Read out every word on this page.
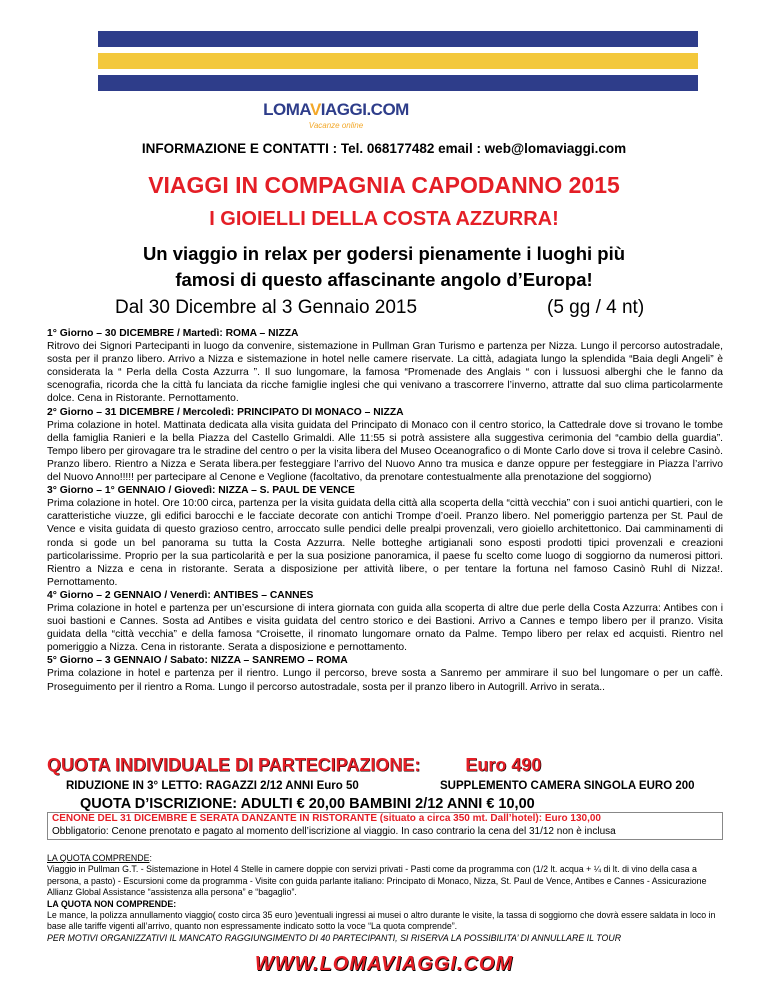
LOMAVIAGGI.COM
Vacanze online
INFORMAZIONE E CONTATTI : Tel. 068177482 email : web@lomaviaggi.com
VIAGGI IN COMPAGNIA CAPODANNO 2015
I GIOIELLI DELLA COSTA AZZURRA!
Un viaggio in relax per godersi pienamente i luoghi più
famosi di questo affascinante angolo d’Europa!
Dal 30 Dicembre al 3 Gennaio 2015	(5 gg / 4 nt)

1° Giorno – 30 DICEMBRE / Martedì: ROMA – NIZZA

Ritrovo dei Signori Partecipanti in luogo da convenire, sistemazione in Pullman Gran Turismo e partenza per Nizza. Lungo il percorso autostradale, sosta per il pranzo libero. Arrivo a Nizza e sistemazione in hotel nelle camere riservate. La città, adagiata lungo la splendida “Baia degli Angeli” è considerata la “ Perla della Costa Azzurra ”. Il suo lungomare, la famosa “Promenade des Anglais “ con i lussuosi alberghi che le fanno da scenografia, ricorda che la città fu lanciata da ricche famiglie inglesi che qui venivano a trascorrere l’inverno, attratte dal suo clima particolarmente dolce. Cena in Ristorante. Pernottamento.

2° Giorno – 31 DICEMBRE / Mercoledì: PRINCIPATO DI MONACO – NIZZA

Prima colazione in hotel. Mattinata dedicata alla visita guidata del Principato di Monaco con il centro storico, la Cattedrale dove si trovano le tombe della famiglia Ranieri e la bella Piazza del Castello Grimaldi. Alle 11:55 si potrà assistere alla suggestiva cerimonia del “cambio della guardia”. Tempo libero per girovagare tra le stradine del centro o per la visita libera del Museo Oceanografico o di Monte Carlo dove si trova il celebre Casinò. Pranzo libero. Rientro a Nizza e Serata libera.per festeggiare l’arrivo del Nuovo Anno tra musica e danze oppure per festeggiare in Piazza l’arrivo del Nuovo Anno!!!!! per partecipare al Cenone e Veglione (facoltativo, da prenotare contestualmente alla prenotazione del soggiorno)

3° Giorno – 1° GENNAIO / Giovedì: NIZZA – S. PAUL DE VENCE

Prima colazione in hotel. Ore 10:00 circa, partenza per la visita guidata della città alla scoperta della “città vecchia” con i suoi antichi quartieri, con le caratteristiche viuzze, gli edifici barocchi e le facciate decorate con antichi Trompe d’oeil. Pranzo libero. Nel pomeriggio partenza per St. Paul de Vence e visita guidata di questo grazioso centro, arroccato sulle pendici delle prealpi provenzali, vero gioiello architettonico. Dai camminamenti di ronda si gode un bel panorama su tutta la Costa Azzurra. Nelle botteghe artigianali sono esposti prodotti tipici provenzali e creazioni particolarissime. Proprio per la sua particolarità e per la sua posizione panoramica, il paese fu scelto come luogo di soggiorno da numerosi pittori. Rientro a Nizza e cena in ristorante. Serata a disposizione per attività libere, o per tentare la fortuna nel famoso Casinò Ruhl di Nizza!. Pernottamento.

4° Giorno – 2 GENNAIO / Venerdì: ANTIBES – CANNES

Prima colazione in hotel e partenza per un’escursione di intera giornata con guida alla scoperta di altre due perle della Costa Azzurra: Antibes con i suoi bastioni e Cannes. Sosta ad Antibes e visita guidata del centro storico e dei Bastioni. Arrivo a Cannes e tempo libero per il pranzo. Visita guidata della “città vecchia” e della famosa “Croisette, il rinomato lungomare ornato da Palme. Tempo libero per relax ed acquisti. Rientro nel pomeriggio a Nizza. Cena in ristorante. Serata a disposizione e pernottamento.

5° Giorno – 3 GENNAIO / Sabato: NIZZA – SANREMO – ROMA

Prima colazione in hotel e partenza per il rientro. Lungo il percorso, breve sosta a Sanremo per ammirare il suo bel lungomare o per un caffè. Proseguimento per il rientro a Roma. Lungo il percorso autostradale, sosta per il pranzo libero in Autogrill. Arrivo in serata..

QUOTA INDIVIDUALE DI PARTECIPAZIONE:	Euro 490
RIDUZIONE IN 3° LETTO: RAGAZZI 2/12 ANNI Euro 50	SUPPLEMENTO CAMERA SINGOLA EURO 200
QUOTA D’ISCRIZIONE: ADULTI € 20,00 BAMBINI 2/12 ANNI € 10,00
CENONE DEL 31 DICEMBRE E SERATA DANZANTE IN RISTORANTE (situato a circa 350 mt. Dall’hotel): Euro 130,00
Obbligatorio: Cenone prenotato e pagato al momento dell’iscrizione al viaggio. In caso contrario la cena del 31/12 non è inclusa

LA QUOTA COMPRENDE:

Viaggio in Pullman G.T. - Sistemazione in Hotel 4 Stelle in camere doppie con servizi privati - Pasti come da programma con (1/2 lt. acqua + ¼ di lt. di vino della casa a persona, a pasto) - Escursioni come da programma - Visite con guida parlante italiano: Principato di Monaco, Nizza, St. Paul de Vence, Antibes e Cannes - Assicurazione Allianz Global Assistance “assistenza alla persona” e “bagaglio”.

LA QUOTA NON COMPRENDE:

Le mance, la polizza annullamento viaggio( costo circa 35 euro )eventuali ingressi ai musei o altro durante le visite, la tassa di soggiorno che dovrà essere saldata in loco in base alle tariffe vigenti all’arrivo, quanto non espressamente indicato sotto la voce “La quota comprende”.

PER MOTIVI ORGANIZZATIVI IL MANCATO RAGGIUNGIMENTO DI 40 PARTECIPANTI, SI RISERVA LA POSSIBILITA’ DI ANNULLARE IL TOUR

WWW.LOMAVIAGGI.COM
